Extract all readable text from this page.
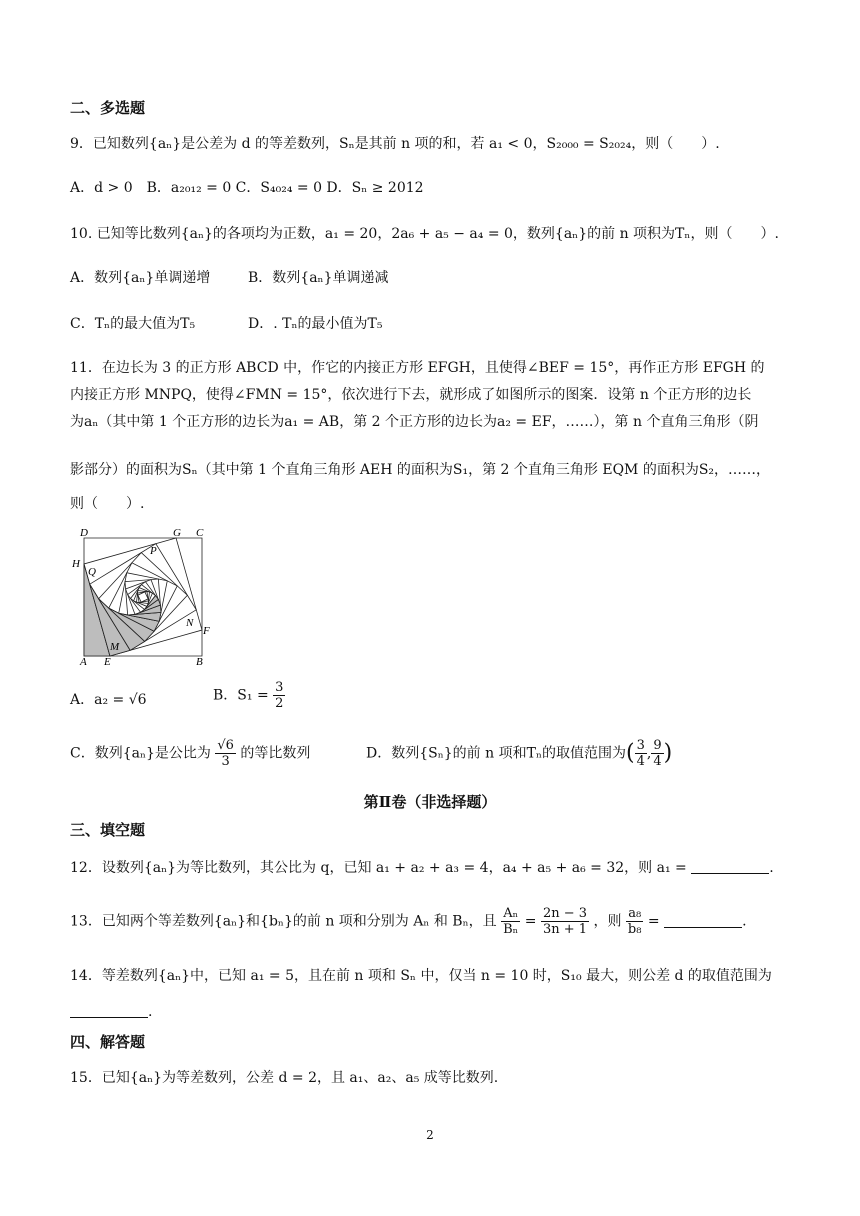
二、多选题
9．已知数列{aₙ}是公差为 d 的等差数列，Sₙ是其前 n 项的和，若 a₁ < 0，S₂₀₀₀ = S₂₀₂₄，则（　　）.
A．d > 0　B．a₂₀₁₂ = 0 C．S₄₀₂₄ = 0 D．Sₙ ≥ 2012
10. 已知等比数列{aₙ}的各项均为正数，a₁ = 20，2a₆ + a₅ − a₄ = 0，数列{aₙ}的前 n 项积为Tₙ，则（　　）.
A．数列{aₙ}单调递增	B．数列{aₙ}单调递减
C．Tₙ的最大值为T₅	D．. Tₙ的最小值为T₅
11．在边长为 3 的正方形 ABCD 中，作它的内接正方形 EFGH，且使得∠BEF = 15°，再作正方形 EFGH 的
内接正方形 MNPQ，使得∠FMN = 15°，依次进行下去，就形成了如图所示的图案．设第 n 个正方形的边长
为aₙ（其中第 1 个正方形的边长为a₁ = AB，第 2 个正方形的边长为a₂ = EF，……），第 n 个直角三角形（阴
影部分）的面积为Sₙ（其中第 1 个直角三角形 AEH 的面积为S₁，第 2 个直角三角形 EQM 的面积为S₂，……，
则（　　）.
D	G C
H
Q
P
N
F
M
A E	B
A．a₂ = √6	B．$S_1 = \frac{3}{2}$
C．数列{aₙ}是公比为 $\frac{√6}{3}$ 的等比数列	D．数列{Sₙ}的前 n 项和Tₙ的取值范围为( $\frac{3}{4}$ , $\frac{9}{4}$ )
第Ⅱ卷（非选择题）
三、填空题
12．设数列{aₙ}为等比数列，其公比为 q，已知 a₁ + a₂ + a₃ = 4，a₄ + a₅ + a₆ = 32，则 a₁ =	.
13．已知两个等差数列{aₙ}和{bₙ}的前 n 项和分别为 Aₙ 和 Bₙ，且 $\frac{\text{Aₙ}}{\text{Bₙ}} = \frac{2n - 3}{3n + 1}$ ，则 $\frac{\text{a₈}}{\text{b₈}}$ =	.
14．等差数列{aₙ}中，已知 a₁ = 5，且在前 n 项和 Sₙ 中，仅当 n = 10 时，S₁₀ 最大，则公差 d 的取值范围为
.
四、解答题
15．已知{aₙ}为等差数列，公差 d = 2，且 a₁、a₂、a₅ 成等比数列.
2
